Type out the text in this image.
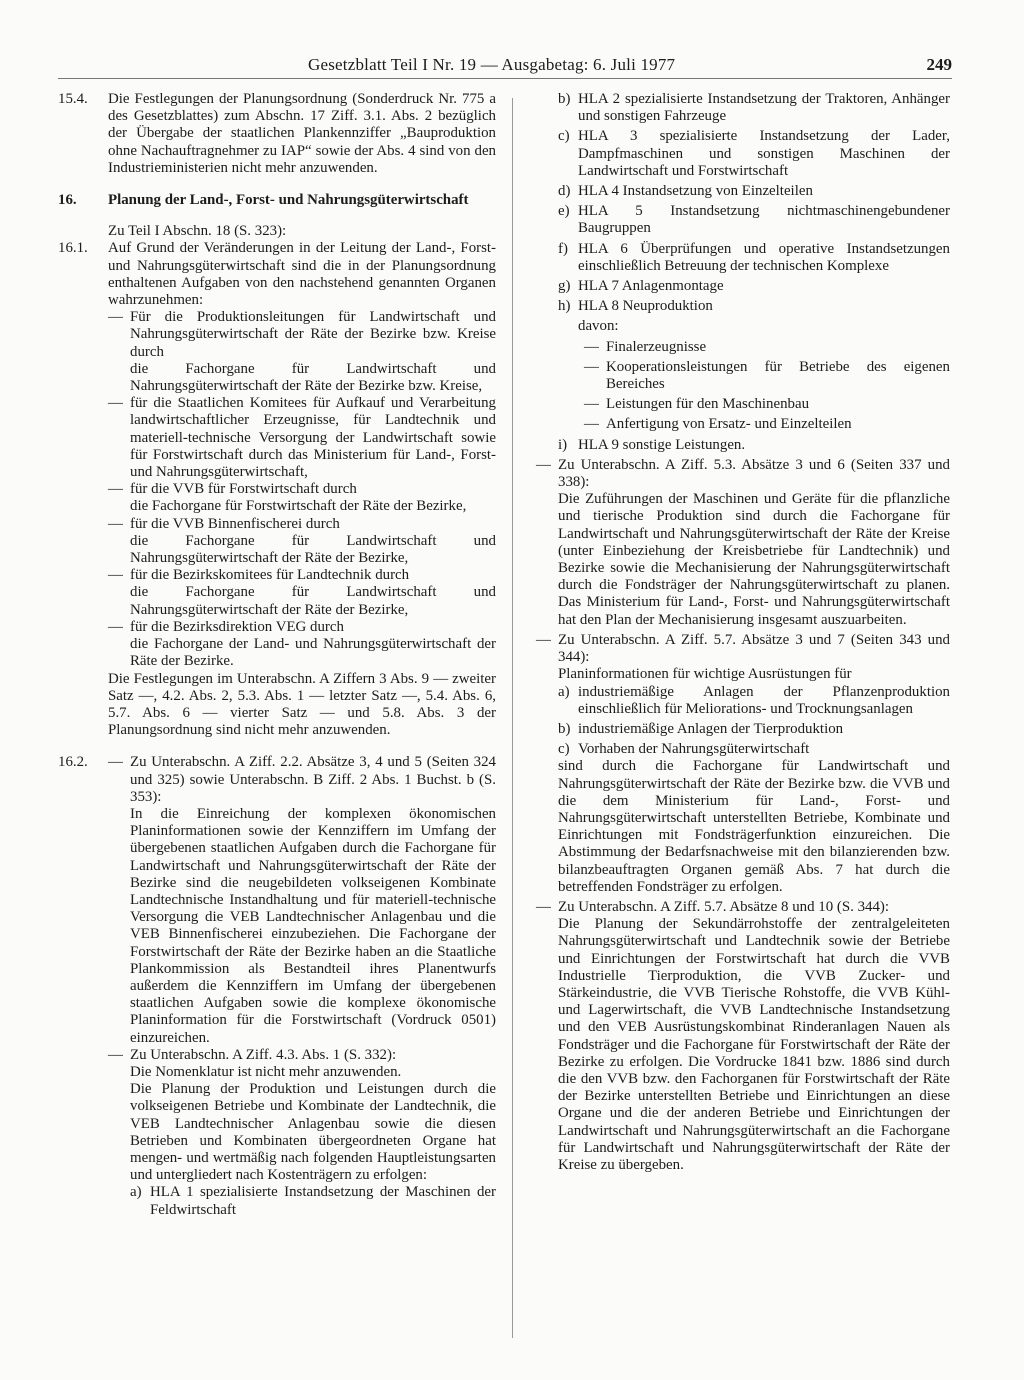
Gesetzblatt Teil I Nr. 19 — Ausgabetag: 6. Juli 1977	249
15.4.	Die Festlegungen der Planungsordnung (Sonderdruck Nr. 775 a des Gesetzblattes) zum Abschn. 17 Ziff. 3.1. Abs. 2 bezüglich der Übergabe der staatlichen Plankennziffer „Bauproduktion ohne Nachauftragnehmer zu IAP“ sowie der Abs. 4 sind von den Industrieministerien nicht mehr anzuwenden.

16.	Planung der Land-, Forst- und Nahrungsgüterwirtschaft

Zu Teil I Abschn. 18 (S. 323):

16.1.	Auf Grund der Veränderungen in der Leitung der Land-, Forst- und Nahrungsgüterwirtschaft sind die in der Planungsordnung enthaltenen Aufgaben von den nachstehend genannten Organen wahrzunehmen:

— Für die Produktionsleitungen für Landwirtschaft und Nahrungsgüterwirtschaft der Räte der Bezirke bzw. Kreise durch

die Fachorgane für Landwirtschaft und Nahrungsgüterwirtschaft der Räte der Bezirke bzw. Kreise,

— für die Staatlichen Komitees für Aufkauf und Verarbeitung landwirtschaftlicher Erzeugnisse, für Landtechnik und materiell-technische Versorgung der Landwirtschaft sowie für Forstwirtschaft durch das Ministerium für Land-, Forst- und Nahrungsgüterwirtschaft,

— für die VVB für Forstwirtschaft durch

die Fachorgane für Forstwirtschaft der Räte der Bezirke,

— für die VVB Binnenfischerei durch

die Fachorgane für Landwirtschaft und Nahrungsgüterwirtschaft der Räte der Bezirke,

— für die Bezirkskomitees für Landtechnik durch

die Fachorgane für Landwirtschaft und Nahrungsgüterwirtschaft der Räte der Bezirke,

— für die Bezirksdirektion VEG durch

die Fachorgane der Land- und Nahrungsgüterwirtschaft der Räte der Bezirke.

Die Festlegungen im Unterabschn. A Ziffern 3 Abs. 9 — zweiter Satz —, 4.2. Abs. 2, 5.3. Abs. 1 — letzter Satz —, 5.4. Abs. 6, 5.7. Abs. 6 — vierter Satz — und 5.8. Abs. 3 der Planungsordnung sind nicht mehr anzuwenden.

16.2.	— Zu Unterabschn. A Ziff. 2.2. Absätze 3, 4 und 5 (Seiten 324 und 325) sowie Unterabschn. B Ziff. 2 Abs. 1 Buchst. b (S. 353):

In die Einreichung der komplexen ökonomischen Planinformationen sowie der Kennziffern im Umfang der übergebenen staatlichen Aufgaben durch die Fachorgane für Landwirtschaft und Nahrungsgüterwirtschaft der Räte der Bezirke sind die neugebildeten volkseigenen Kombinate Landtechnische Instandhaltung und für materiell-technische Versorgung die VEB Landtechnischer Anlagenbau und die VEB Binnenfischerei einzubeziehen. Die Fachorgane der Forstwirtschaft der Räte der Bezirke haben an die Staatliche Plankommission als Bestandteil ihres Planentwurfs außerdem die Kennziffern im Umfang der übergebenen staatlichen Aufgaben sowie die komplexe ökonomische Planinformation für die Forstwirtschaft (Vordruck 0501) einzureichen.

— Zu Unterabschn. A Ziff. 4.3. Abs. 1 (S. 332):

Die Nomenklatur ist nicht mehr anzuwenden.

Die Planung der Produktion und Leistungen durch die volkseigenen Betriebe und Kombinate der Landtechnik, die VEB Landtechnischer Anlagenbau sowie die diesen Betrieben und Kombinaten übergeordneten Organe hat mengen- und wertmäßig nach folgenden Hauptleistungsarten und untergliedert nach Kostenträgern zu erfolgen:

a) HLA 1 spezialisierte Instandsetzung der Maschinen der Feldwirtschaft

b) HLA 2 spezialisierte Instandsetzung der Traktoren, Anhänger und sonstigen Fahrzeuge

c) HLA 3 spezialisierte Instandsetzung der Lader, Dampfmaschinen und sonstigen Maschinen der Landwirtschaft und Forstwirtschaft

d) HLA 4 Instandsetzung von Einzelteilen

e) HLA 5 Instandsetzung nichtmaschinengebundener Baugruppen

f) HLA 6 Überprüfungen und operative Instandsetzungen einschließlich Betreuung der technischen Komplexe

g) HLA 7 Anlagenmontage

h) HLA 8 Neuproduktion

davon:

— Finalerzeugnisse

— Kooperationsleistungen für Betriebe des eigenen Bereiches

— Leistungen für den Maschinenbau

— Anfertigung von Ersatz- und Einzelteilen

i) HLA 9 sonstige Leistungen.

— Zu Unterabschn. A Ziff. 5.3. Absätze 3 und 6 (Seiten 337 und 338):

Die Zuführungen der Maschinen und Geräte für die pflanzliche und tierische Produktion sind durch die Fachorgane für Landwirtschaft und Nahrungsgüterwirtschaft der Räte der Kreise (unter Einbeziehung der Kreisbetriebe für Landtechnik) und Bezirke sowie die Mechanisierung der Nahrungsgüterwirtschaft durch die Fondsträger der Nahrungsgüterwirtschaft zu planen. Das Ministerium für Land-, Forst- und Nahrungsgüterwirtschaft hat den Plan der Mechanisierung insgesamt auszuarbeiten.

— Zu Unterabschn. A Ziff. 5.7. Absätze 3 und 7 (Seiten 343 und 344):

Planinformationen für wichtige Ausrüstungen für

a) industriemäßige Anlagen der Pflanzenproduktion einschließlich für Meliorations- und Trocknungsanlagen

b) industriemäßige Anlagen der Tierproduktion

c) Vorhaben der Nahrungsgüterwirtschaft

sind durch die Fachorgane für Landwirtschaft und Nahrungsgüterwirtschaft der Räte der Bezirke bzw. die VVB und die dem Ministerium für Land-, Forst- und Nahrungsgüterwirtschaft unterstellten Betriebe, Kombinate und Einrichtungen mit Fondsträgerfunktion einzureichen. Die Abstimmung der Bedarfsnachweise mit den bilanzierenden bzw. bilanzbeauftragten Organen gemäß Abs. 7 hat durch die betreffenden Fondsträger zu erfolgen.

— Zu Unterabschn. A Ziff. 5.7. Absätze 8 und 10 (S. 344):

Die Planung der Sekundärrohstoffe der zentralgeleiteten Nahrungsgüterwirtschaft und Landtechnik sowie der Betriebe und Einrichtungen der Forstwirtschaft hat durch die VVB Industrielle Tierproduktion, die VVB Zucker- und Stärkeindustrie, die VVB Tierische Rohstoffe, die VVB Kühl- und Lagerwirtschaft, die VVB Landtechnische Instandsetzung und den VEB Ausrüstungskombinat Rinderanlagen Nauen als Fondsträger und die Fachorgane für Forstwirtschaft der Räte der Bezirke zu erfolgen. Die Vordrucke 1841 bzw. 1886 sind durch die den VVB bzw. den Fachorganen für Forstwirtschaft der Räte der Bezirke unterstellten Betriebe und Einrichtungen an diese Organe und die der anderen Betriebe und Einrichtungen der Landwirtschaft und Nahrungsgüterwirtschaft an die Fachorgane für Landwirtschaft und Nahrungsgüterwirtschaft der Räte der Kreise zu übergeben.
